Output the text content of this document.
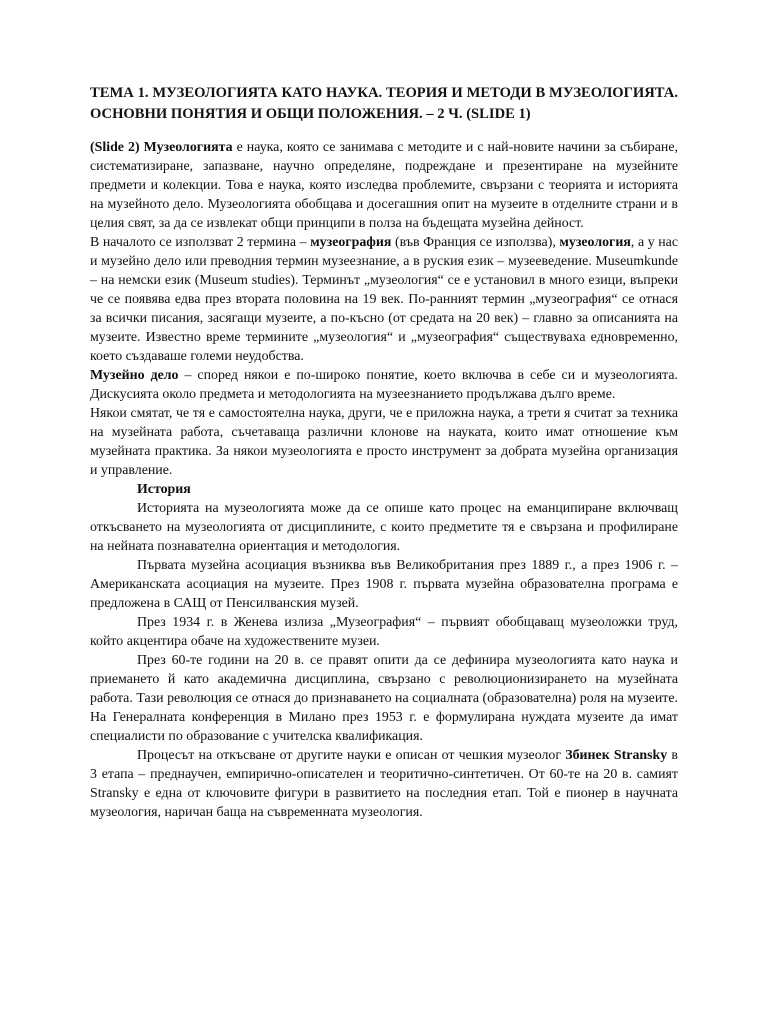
ТЕМА 1. МУЗЕОЛОГИЯТА КАТО НАУКА. ТЕОРИЯ И МЕТОДИ В МУЗЕОЛОГИЯТА. ОСНОВНИ ПОНЯТИЯ И ОБЩИ ПОЛОЖЕНИЯ. – 2 Ч. (SLIDE 1)

(Slide 2) Музеологията е наука, която се занимава с методите и с най-новите начини за събиране, систематизиране, запазване, научно определяне, подреждане и презентиране на музейните предмети и колекции. Това е наука, която изследва проблемите, свързани с теорията и историята на музейното дело. Музеологията обобщава и досегашния опит на музеите в отделните страни и в целия свят, за да се извлекат общи принципи в полза на бъдещата музейна дейност.

В началото се използват 2 термина – музеография (във Франция се използва), музеология, а у нас и музейно дело или преводния термин музеезнание, а в руския език – музееведение. Museumkunde – на немски език (Museum studies). Терминът „музеология“ се е установил в много езици, въпреки че се появява едва през втората половина на 19 век. По-ранният термин „музеография“ се отнася за всички писания, засягащи музеите, а по-късно (от средата на 20 век) – главно за описанията на музеите. Известно време термините „музеология“ и „музеография“ съществуваха едновременно, което създаваше големи неудобства.

Музейно дело – според някои е по-широко понятие, което включва в себе си и музеологията. Дискусията около предмета и методологията на музеезнанието продължава дълго време.

Някои смятат, че тя е самостоятелна наука, други, че е приложна наука, а трети я считат за техника на музейната работа, съчетаваща различни клонове на науката, които имат отношение към музейната практика. За някои музеологията е просто инструмент за добрата музейна организация и управление.

История

Историята на музеологията може да се опише като процес на еманципиране включващ откъсването на музеологията от дисциплините, с които предметите тя е свързана и профилиране на нейната познавателна ориентация и методология.

Първата музейна асоциация възниква във Великобритания през 1889 г., а през 1906 г. – Американската асоциация на музеите. През 1908 г. първата музейна образователна програма е предложена в САЩ от Пенсилванския музей.

През 1934 г. в Женева излиза „Музеография“ – първият обобщаващ музеоложки труд, който акцентира обаче на художествените музеи.

През 60-те години на 20 в. се правят опити да се дефинира музеологията като наука и приемането й като академична дисциплина, свързано с революционизирането на музейната работа. Тази революция се отнася до признаването на социалната (образователна) роля на музеите. На Генералната конференция в Милано през 1953 г. е формулирана нуждата музеите да имат специалисти по образование с учителска квалификация.

Процесът на откъсване от другите науки е описан от чешкия музеолог Збинек Stransky в 3 етапа – преднаучен, емпирично-описателен и теоритично-синтетичен. От 60-те на 20 в. самият Stransky е една от ключовите фигури в развитието на последния етап. Той е пионер в научната музеология, наричан баща на съвременната музеология.
